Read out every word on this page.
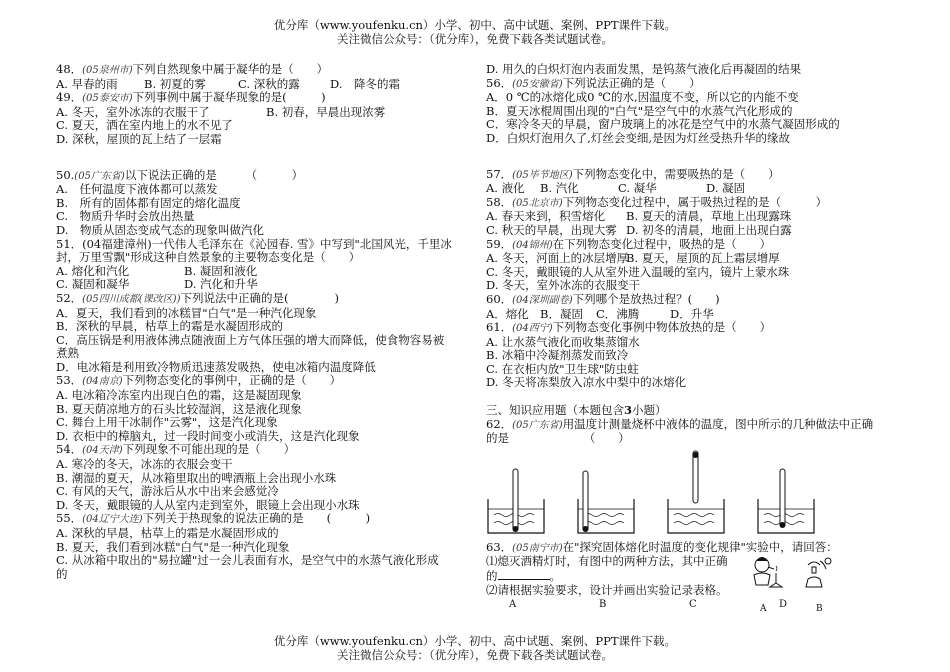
优分库（www.youfenku.cn）小学、初中、高中试题、案例、PPT课件下载。
关注微信公众号：（优分库），免费下载各类试题试卷。
48．(05泉州市)下列自然现象中属于凝华的是（　　）
A. 早春的雨	B. 初夏的雾	C. 深秋的露	D.　降冬的霜
49．(05泰安市)下列事例中属于凝华现象的是(　　　)
A. 冬天，室外冰冻的衣服干了	B. 初春，早晨出现浓雾
C. 夏天，洒在室内地上的水不见了
D. 深秋，屋顶的瓦上结了一层霜
50.(05广东省)以下说法正确的是　　　（　　　）
A.　任何温度下液体都可以蒸发
B.　所有的固体都有固定的熔化温度
C.　物质升华时会放出热量
D.　物质从固态变成气态的现象叫做汽化
51．(04福建漳州)一代伟人毛泽东在《沁园春. 雪》中写到"北国风光，千里冰
封，万里雪飘"形成这种自然景象的主要物态变化是（　　）
A. 熔化和汽化	B. 凝固和液化
C. 凝固和凝华	D. 汽化和升华
52．(05四川成都(课改区))下列说法中正确的是(　　　　)
A．夏天，我们看到的冰糕冒"白气"是一种汽化现象
B．深秋的早晨，枯草上的霜是水凝固形成的
C．高压锅是利用液体沸点随液面上方气体压强的增大而降低，使食物容易被
煮熟
D．电冰箱是利用致冷物质迅速蒸发吸热，使电冰箱内温度降低
53．(04南京)下列物态变化的事例中，正确的是（　　）
A. 电冰箱冷冻室内出现白色的霜，这是凝固现象
B. 夏天荫凉地方的石头比较湿润，这是液化现象
C. 舞台上用干冰制作"云雾"，这是汽化现象
D. 衣柜中的樟脑丸，过一段时间变小或消失，这是汽化现象
54．(04天津)下列现象不可能出现的是（　　）
A. 寒冷的冬天，冰冻的衣服会变干
B. 潮湿的夏天，从冰箱里取出的啤酒瓶上会出现小水珠
C. 有风的天气，游泳后从水中出来会感觉冷
D. 冬天，戴眼镜的人从室内走到室外，眼镜上会出现小水珠
55．(04辽宁大连)下列关于热现象的说法正确的是　　(　　　)
A. 深秋的早晨，枯草上的霜是水凝固形成的
B. 夏天，我们看到冰糕"白气"是一种汽化现象
C. 从冰箱中取出的"易拉罐"过一会儿表面有水，是空气中的水蒸气液化形成
的
D. 用久的白炽灯泡内表面发黑，是钨蒸气液化后再凝固的结果
56．(05安徽省)下列说法正确的是（　　）
A．0 ℃的冰熔化成0 ℃的水,因温度不变，所以它的内能不变
B．夏天冰棍周围出现的"白气"是空气中的水蒸气汽化形成的
C．寒冷冬天的早晨，窗户玻璃上的冰花是空气中的水蒸气凝固形成的
D．白炽灯泡用久了,灯丝会变细,是因为灯丝受热升华的缘故
57．(05毕节地区)下列物态变化中，需要吸热的是（　　）
A. 液化	B. 汽化	C. 凝华	D. 凝固
58．(05北京市)下列物态变化过程中，属于吸热过程的是（　　　）
A. 春天来到，积雪熔化	B. 夏天的清晨，草地上出现露珠
C. 秋天的早晨，出现大雾 D. 初冬的清晨，地面上出现白露
59．(04锦州)在下列物态变化过程中，吸热的是（　　）
A. 冬天，河面上的冰层增厚
B. 夏天，屋顶的瓦上霜层增厚
C. 冬天，戴眼镜的人从室外进入温暖的室内，镜片上蒙水珠
D. 冬天，室外冰冻的衣服变干
60．(04深圳副卷)下列哪个是放热过程？(　　)
A．熔化 B．凝固	C．沸腾	D．升华
61．(04西宁)下列物态变化事例中物体放热的是（　　）
A. 让水蒸气液化而收集蒸馏水
B. 冰箱中冷凝剂蒸发而致冷
C. 在衣柜内放"卫生球"防虫蛀
D. 冬天将冻梨放入凉水中梨中的冰熔化
三、知识应用题（本题包含3小题）
62．(05广东省)用温度计测量烧杯中液体的温度，图中所示的几种做法中正确
的是　　　　　　　（　　）
63．(05南宁市)在"探究固体熔化时温度的变化规律"实验中，请回答：
⑴熄灭酒精灯时，有图中的两种方法，其中正确
的	。
⑵请根据实验要求，设计并画出实验记录表格。
A	B	C	D
A	B
优分库（www.youfenku.cn）小学、初中、高中试题、案例、PPT课件下载。
关注微信公众号：（优分库），免费下载各类试题试卷。
